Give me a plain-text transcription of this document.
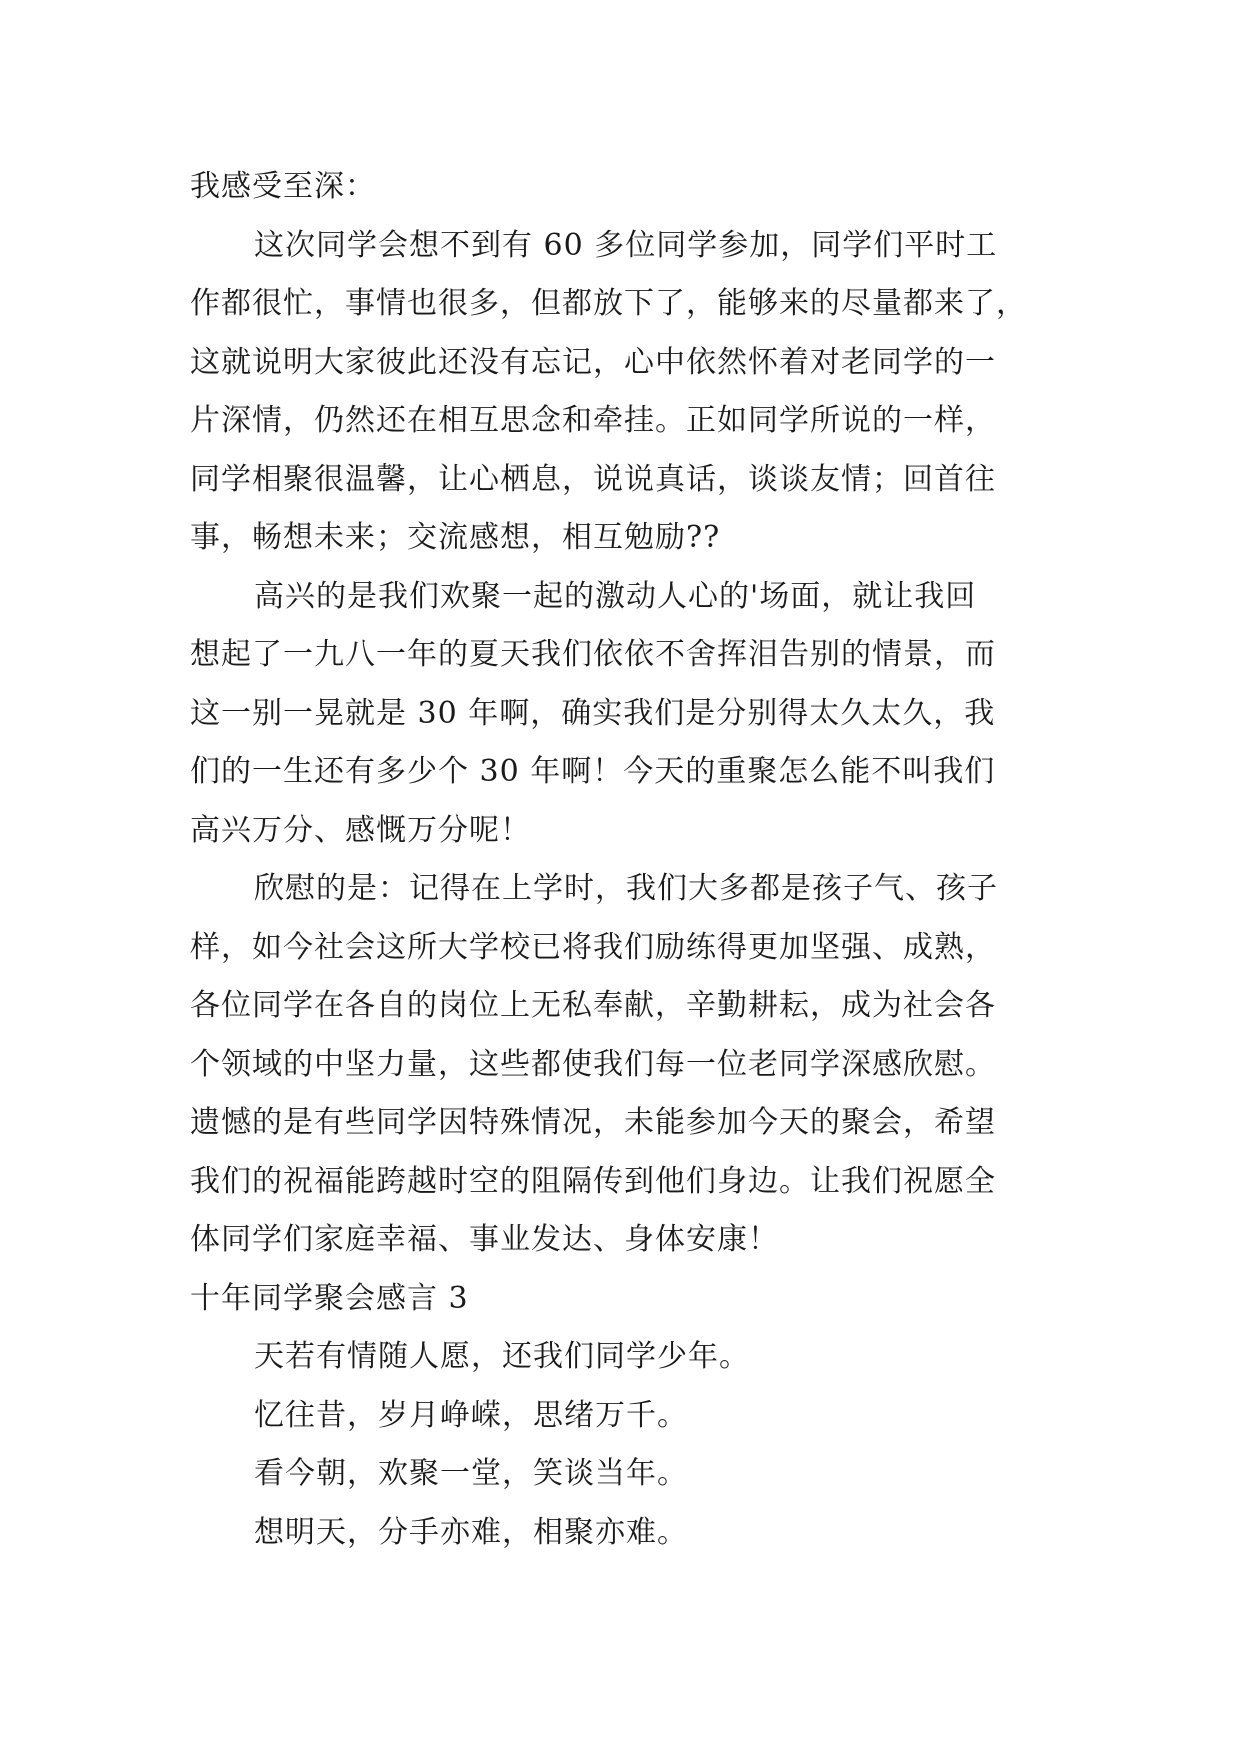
我感受至深：
这次同学会想不到有 60 多位同学参加，同学们平时工
作都很忙，事情也很多，但都放下了，能够来的尽量都来了，
这就说明大家彼此还没有忘记，心中依然怀着对老同学的一
片深情，仍然还在相互思念和牵挂。正如同学所说的一样，
同学相聚很温馨，让心栖息，说说真话，谈谈友情；回首往
事，畅想未来；交流感想，相互勉励??
高兴的是我们欢聚一起的激动人心的'场面，就让我回
想起了一九八一年的夏天我们依依不舍挥泪告别的情景，而
这一别一晃就是 30 年啊，确实我们是分别得太久太久，我
们的一生还有多少个 30 年啊！今天的重聚怎么能不叫我们
高兴万分、感慨万分呢！
欣慰的是：记得在上学时，我们大多都是孩子气、孩子
样，如今社会这所大学校已将我们励练得更加坚强、成熟，
各位同学在各自的岗位上无私奉献，辛勤耕耘，成为社会各
个领域的中坚力量，这些都使我们每一位老同学深感欣慰。
遗憾的是有些同学因特殊情况，未能参加今天的聚会，希望
我们的祝福能跨越时空的阻隔传到他们身边。让我们祝愿全
体同学们家庭幸福、事业发达、身体安康！
十年同学聚会感言 3
天若有情随人愿，还我们同学少年。
忆往昔，岁月峥嵘，思绪万千。
看今朝，欢聚一堂，笑谈当年。
想明天，分手亦难，相聚亦难。
